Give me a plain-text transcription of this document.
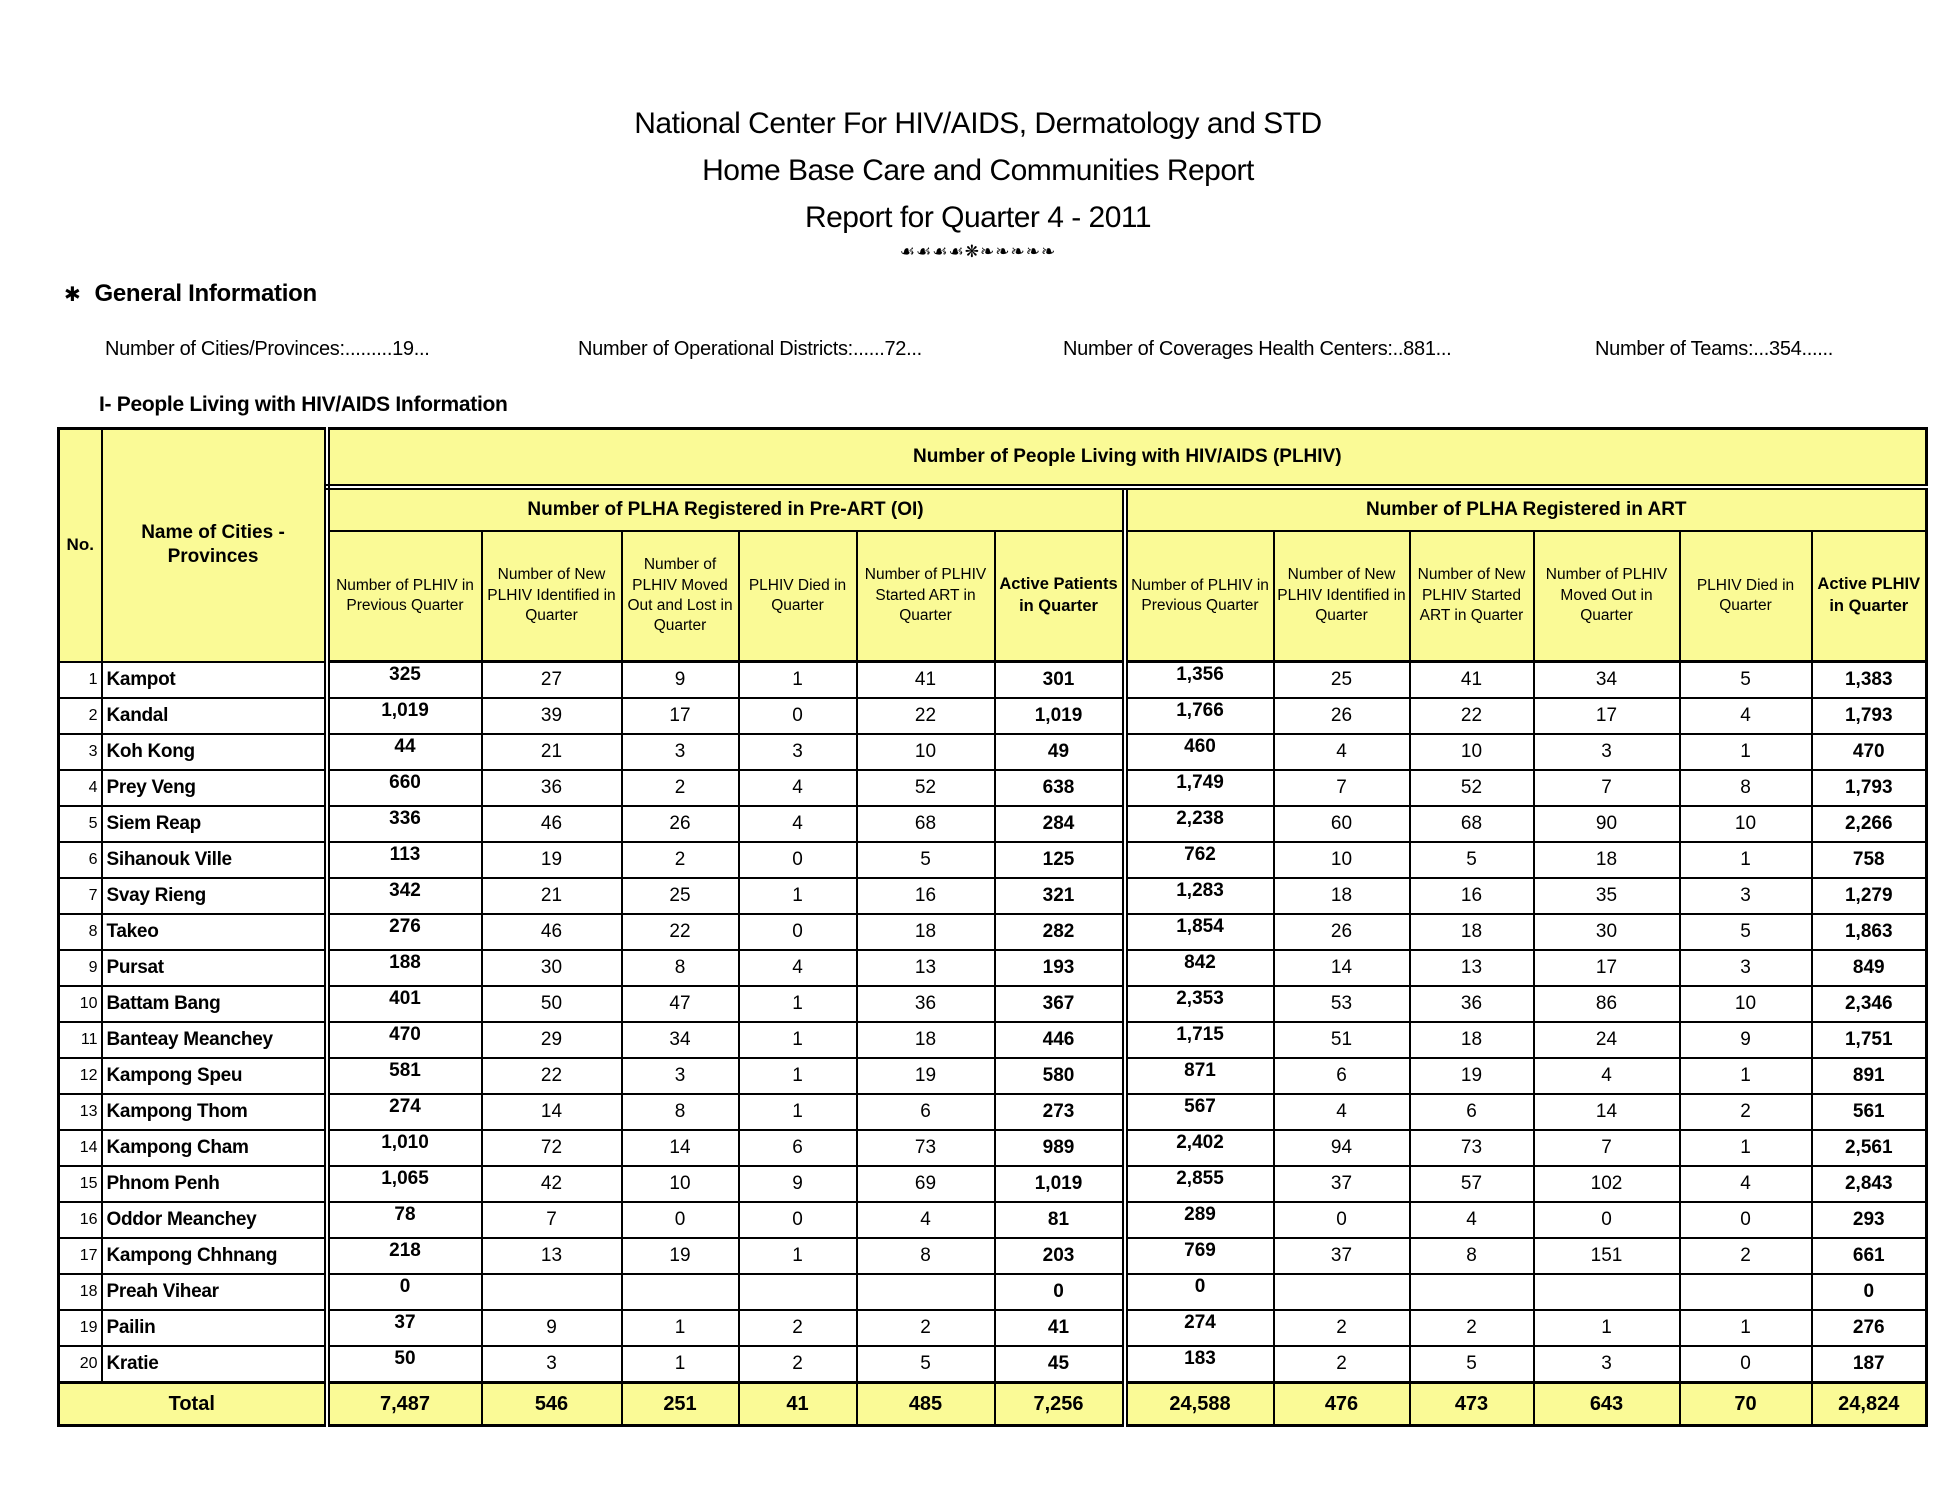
National Center For HIV/AIDS, Dermatology and STD
Home Base Care and Communities Report
Report for Quarter 4 - 2011
☙☙☙☙❋❧❧❧❧❧
✱ General Information
Number of Cities/Provinces:.........19...	Number of Operational Districts:......72...	Number of Coverages Health Centers:..881...	Number of Teams:...354......
I- People Living with HIV/AIDS Information
No.	Name of Cities - Provinces	Number of People Living with HIV/AIDS (PLHIV)											
		Number of PLHA Registered in Pre-ART (OI)						Number of PLHA Registered in ART					
		Number of PLHIV in Previous Quarter	Number of New PLHIV Identified in Quarter	Number of PLHIV Moved Out and Lost in Quarter	PLHIV Died in Quarter	Number of PLHIV Started ART in Quarter	Active Patients in Quarter	Number of PLHIV in Previous Quarter	Number of New PLHIV Identified in Quarter	Number of New PLHIV Started ART in Quarter	Number of PLHIV Moved Out in Quarter	PLHIV Died in Quarter	Active PLHIV in Quarter
1	Kampot	325	27	9	1	41	301	1,356	25	41	34	5	1,383
2	Kandal	1,019	39	17	0	22	1,019	1,766	26	22	17	4	1,793
3	Koh Kong	44	21	3	3	10	49	460	4	10	3	1	470
4	Prey Veng	660	36	2	4	52	638	1,749	7	52	7	8	1,793
5	Siem Reap	336	46	26	4	68	284	2,238	60	68	90	10	2,266
6	Sihanouk Ville	113	19	2	0	5	125	762	10	5	18	1	758
7	Svay Rieng	342	21	25	1	16	321	1,283	18	16	35	3	1,279
8	Takeo	276	46	22	0	18	282	1,854	26	18	30	5	1,863
9	Pursat	188	30	8	4	13	193	842	14	13	17	3	849
10	Battam Bang	401	50	47	1	36	367	2,353	53	36	86	10	2,346
11	Banteay Meanchey	470	29	34	1	18	446	1,715	51	18	24	9	1,751
12	Kampong Speu	581	22	3	1	19	580	871	6	19	4	1	891
13	Kampong Thom	274	14	8	1	6	273	567	4	6	14	2	561
14	Kampong Cham	1,010	72	14	6	73	989	2,402	94	73	7	1	2,561
15	Phnom Penh	1,065	42	10	9	69	1,019	2,855	37	57	102	4	2,843
16	Oddor Meanchey	78	7	0	0	4	81	289	0	4	0	0	293
17	Kampong Chhnang	218	13	19	1	8	203	769	37	8	151	2	661
18	Preah Vihear	0					0	0					0
19	Pailin	37	9	1	2	2	41	274	2	2	1	1	276
20	Kratie	50	3	1	2	5	45	183	2	5	3	0	187
Total		7,487	546	251	41	485	7,256	24,588	476	473	643	70	24,824
